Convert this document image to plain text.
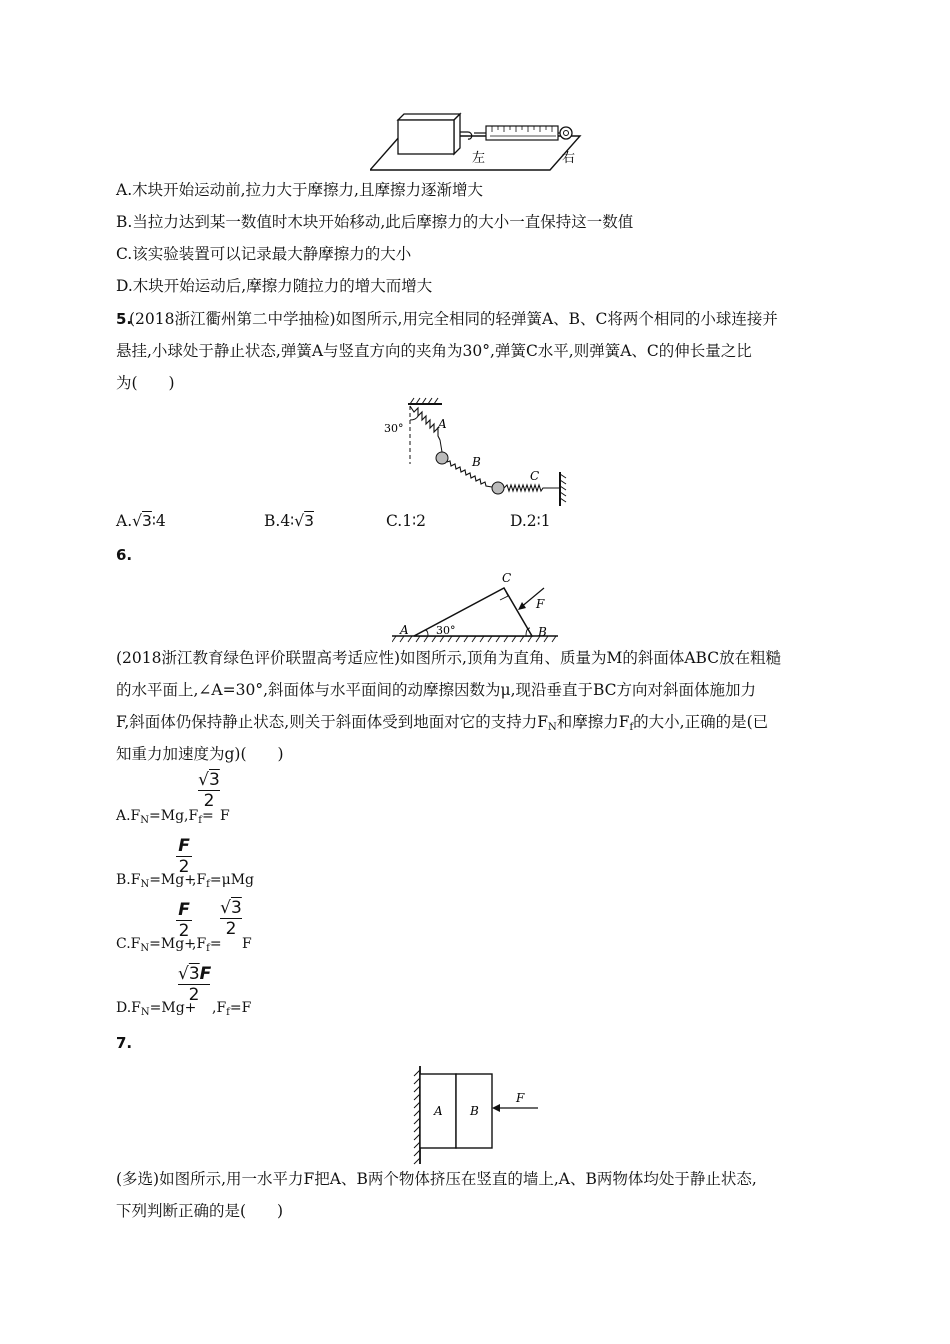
左	右
A.木块开始运动前,拉力大于摩擦力,且摩擦力逐渐增大
B.当拉力达到某一数值时木块开始移动,此后摩擦力的大小一直保持这一数值
C.该实验装置可以记录最大静摩擦力的大小
D.木块开始运动后,摩擦力随拉力的增大而增大
5.
(2018浙江衢州第二中学抽检)如图所示,用完全相同的轻弹簧A、B、C将两个相同的小球连接并
悬挂,小球处于静止状态,弹簧A与竖直方向的夹角为30°,弹簧C水平,则弹簧A、C的伸长量之比
为(　　)
30°	A
B
C
A.√3∶4	B.4∶√3	C.1∶2	D.2∶1
6.
30°
F
A	B
C
(2018浙江教育绿色评价联盟高考适应性)如图所示,顶角为直角、质量为M的斜面体ABC放在粗糙
的水平面上,∠A=30°,斜面体与水平面间的动摩擦因数为μ,现沿垂直于BC方向对斜面体施加力
F,斜面体仍保持静止状态,则关于斜面体受到地面对它的支持力$F_N$和摩擦力$F_f$的大小,正确的是(已
知重力加速度为g)(　　)
$A.F_N=Mg,F_f=$
$\frac{√3}{2}$
F
$B.F_N=Mg+$
$\frac{F}{2}$
$,F_f=\mu Mg$
$C.F_N=Mg+$
$\frac{F}{2}$
$,F_f=$
$\frac{√3}{2}$
F
$D.F_N=Mg+$
$\frac{√3F}{2}$
$,F_f=F$
7.
A B
F
(多选)如图所示,用一水平力F把A、B两个物体挤压在竖直的墙上,A、B两物体均处于静止状态,
下列判断正确的是(　　)
